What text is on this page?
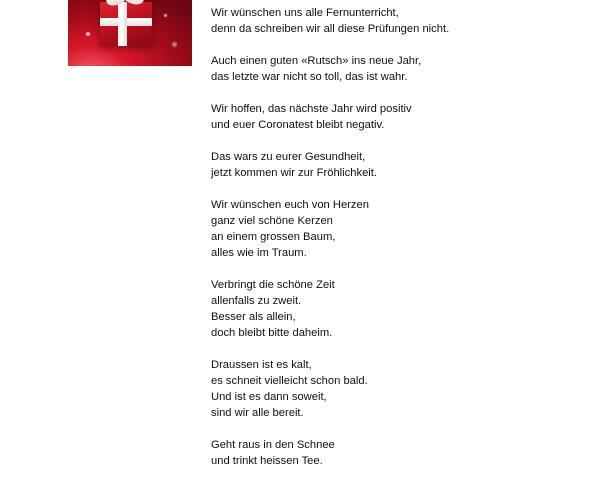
Wir wünschen uns alle Fernunterricht,
denn da schreiben wir all diese Prüfungen nicht.
Auch einen guten «Rutsch» ins neue Jahr,
das letzte war nicht so toll, das ist wahr.
Wir hoffen, das nächste Jahr wird positiv
und euer Coronatest bleibt negativ.
Das wars zu eurer Gesundheit,
jetzt kommen wir zur Fröhlichkeit.
Wir wünschen euch von Herzen
ganz viel schöne Kerzen
an einem grossen Baum,
alles wie im Traum.
Verbringt die schöne Zeit
allenfalls zu zweit.
Besser als allein,
doch bleibt bitte daheim.
Draussen ist es kalt,
es schneit vielleicht schon bald.
Und ist es dann soweit,
sind wir alle bereit.
Geht raus in den Schnee
und trinkt heissen Tee.
